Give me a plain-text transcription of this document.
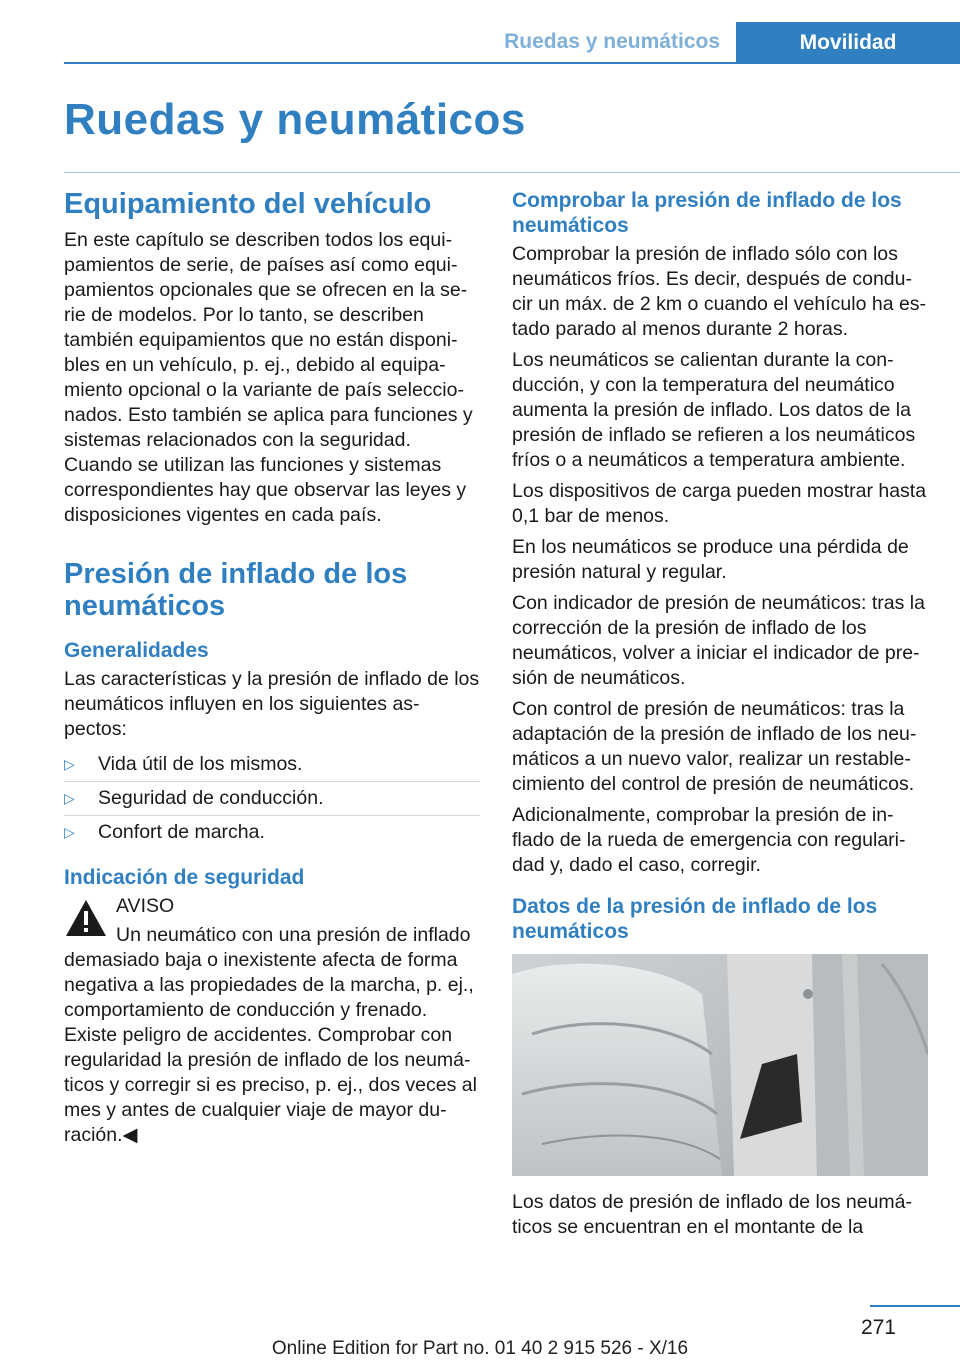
Ruedas y neumáticos	Movilidad
Ruedas y neumáticos
Equipamiento del vehículo

En este capítulo se describen todos los equi-pamientos de serie, de países así como equi-pamientos opcionales que se ofrecen en la se-rie de modelos. Por lo tanto, se describen también equipamientos que no están disponi-bles en un vehículo, p. ej., debido al equipa-miento opcional o la variante de país seleccio-nados. Esto también se aplica para funciones y sistemas relacionados con la seguridad.

Cuando se utilizan las funciones y sistemas correspondientes hay que observar las leyes y disposiciones vigentes en cada país.

Presión de inflado de los neumáticos
Generalidades

Las características y la presión de inflado de los neumáticos influyen en los siguientes as-pectos:

▷ Vida útil de los mismos.
▷ Seguridad de conducción.
▷ Confort de marcha.
Indicación de seguridad
AVISO
Un neumático con una presión de inflado
demasiado baja o inexistente afecta de forma negativa a las propiedades de la marcha, p. ej., comportamiento de conducción y frenado. Existe peligro de accidentes. Comprobar con regularidad la presión de inflado de los neumá-ticos y corregir si es preciso, p. ej., dos veces al mes y antes de cualquier viaje de mayor du-ración.◀
Comprobar la presión de inflado de los neumáticos

Comprobar la presión de inflado sólo con los neumáticos fríos. Es decir, después de condu-cir un máx. de 2 km o cuando el vehículo ha es-tado parado al menos durante 2 horas.

Los neumáticos se calientan durante la con-ducción, y con la temperatura del neumático aumenta la presión de inflado. Los datos de la presión de inflado se refieren a los neumáticos fríos o a neumáticos a temperatura ambiente.

Los dispositivos de carga pueden mostrar hasta 0,1 bar de menos.

En los neumáticos se produce una pérdida de presión natural y regular.

Con indicador de presión de neumáticos: tras la corrección de la presión de inflado de los neumáticos, volver a iniciar el indicador de pre-sión de neumáticos.

Con control de presión de neumáticos: tras la adaptación de la presión de inflado de los neu-máticos a un nuevo valor, realizar un restable-cimiento del control de presión de neumáticos.

Adicionalmente, comprobar la presión de in-flado de la rueda de emergencia con regulari-dad y, dado el caso, corregir.

Datos de la presión de inflado de los neumáticos

Los datos de presión de inflado de los neumá-ticos se encuentran en el montante de la

271
Online Edition for Part no. 01 40 2 915 526 - X/16
